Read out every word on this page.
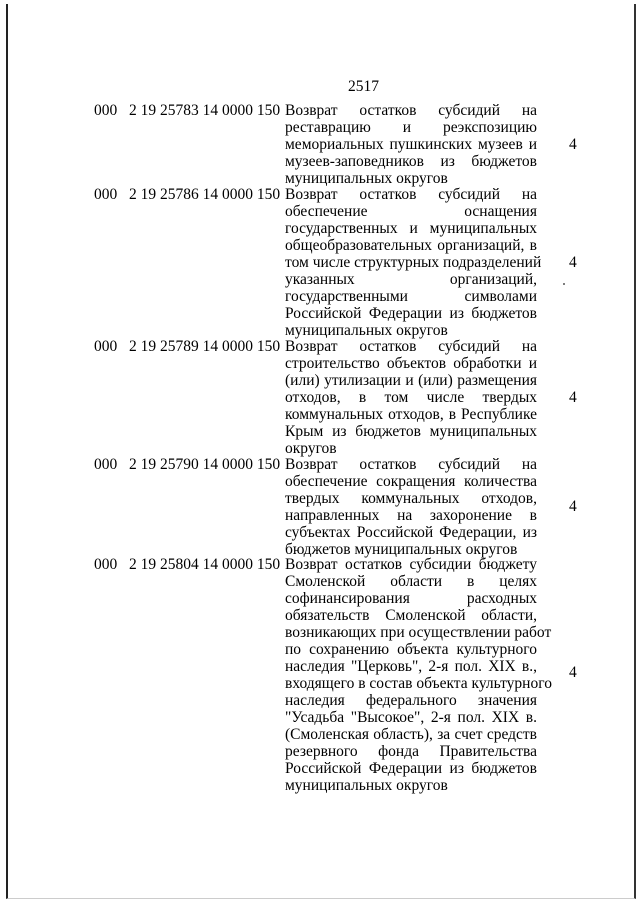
2517
000 2 19 25783 14 0000 150 Возврат остатков субсидий на
реставрацию и реэкспозицию
мемориальных пушкинских музеев и
музеев-заповедников из бюджетов
муниципальных округов
4
000 2 19 25786 14 0000 150 Возврат остатков субсидий на
обеспечение оснащения
государственных и муниципальных
общеобразовательных организаций, в
том числе структурных подразделений
указанных организаций,
государственными символами
Российской Федерации из бюджетов
муниципальных округов
4
000 2 19 25789 14 0000 150 Возврат остатков субсидий на
строительство объектов обработки и
(или) утилизации и (или) размещения
отходов, в том числе твердых
коммунальных отходов, в Республике
Крым из бюджетов муниципальных
округов
4
000 2 19 25790 14 0000 150 Возврат остатков субсидий на
обеспечение сокращения количества
твердых коммунальных отходов,
направленных на захоронение в
субъектах Российской Федерации, из
бюджетов муниципальных округов
4
000 2 19 25804 14 0000 150 Возврат остатков субсидии бюджету
Смоленской области в целях
софинансирования расходных
обязательств Смоленской области,
возникающих при осуществлении работ
по сохранению объекта культурного
наследия "Церковь", 2-я пол. XIX в.,
входящего в состав объекта культурного
наследия федерального значения
"Усадьба "Высокое", 2-я пол. XIX в.
(Смоленская область), за счет средств
резервного фонда Правительства
Российской Федерации из бюджетов
муниципальных округов
4
